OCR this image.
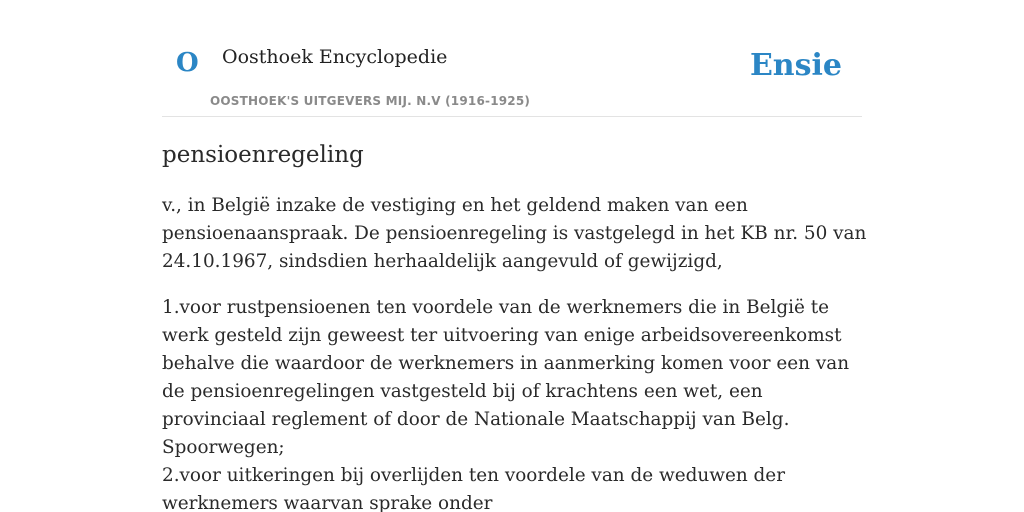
O Oosthoek Encyclopedie
OOSTHOEK'S UITGEVERS MIJ. N.V (1916-1925)
Ensie
pensioenregeling

v., in België inzake de vestiging en het geldend maken van een pensioenaanspraak. De pensioenregeling is vastgelegd in het KB nr. 50 van 24.10.1967, sindsdien herhaaldelijk aangevuld of gewijzigd,

1.voor rustpensioenen ten voordele van de werknemers die in België te werk gesteld zijn geweest ter uitvoering van enige arbeidsovereenkomst behalve die waardoor de werknemers in aanmerking komen voor een van de pensioenregelingen vastgesteld bij of krachtens een wet, een provinciaal reglement of door de Nationale Maatschappij van Belg. Spoorwegen;

2.voor uitkeringen bij overlijden ten voordele van de weduwen der werknemers waarvan sprake onder
